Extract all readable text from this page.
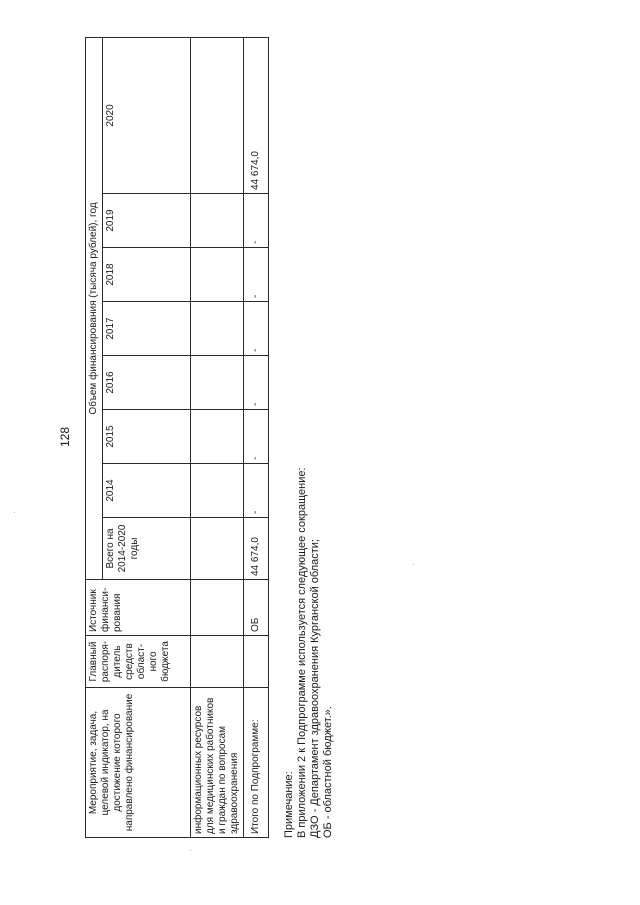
128
Мероприятие, задача, целевой индикатор, на достижение которого направлено финансирование	Главный распоря-дитель средств област-ного бюджета	Источник финанси-рования	Объем финансирования (тысяча рублей), год							
			Всего на 2014-2020 годы	2014	2015	2016	2017	2018	2019	2020
информационных ресурсов для медицинских работников и граждан по вопросам здравоохранения										
Итого по Подпрограмме:		ОБ	44 674,0	-	-	-	-	-	-	44 674,0
Примечание: В приложении 2 к Подпрограмме используется следующее сокращение: ДЗО - Департамент здравоохранения Курганской области; ОБ - областной бюджет.».
